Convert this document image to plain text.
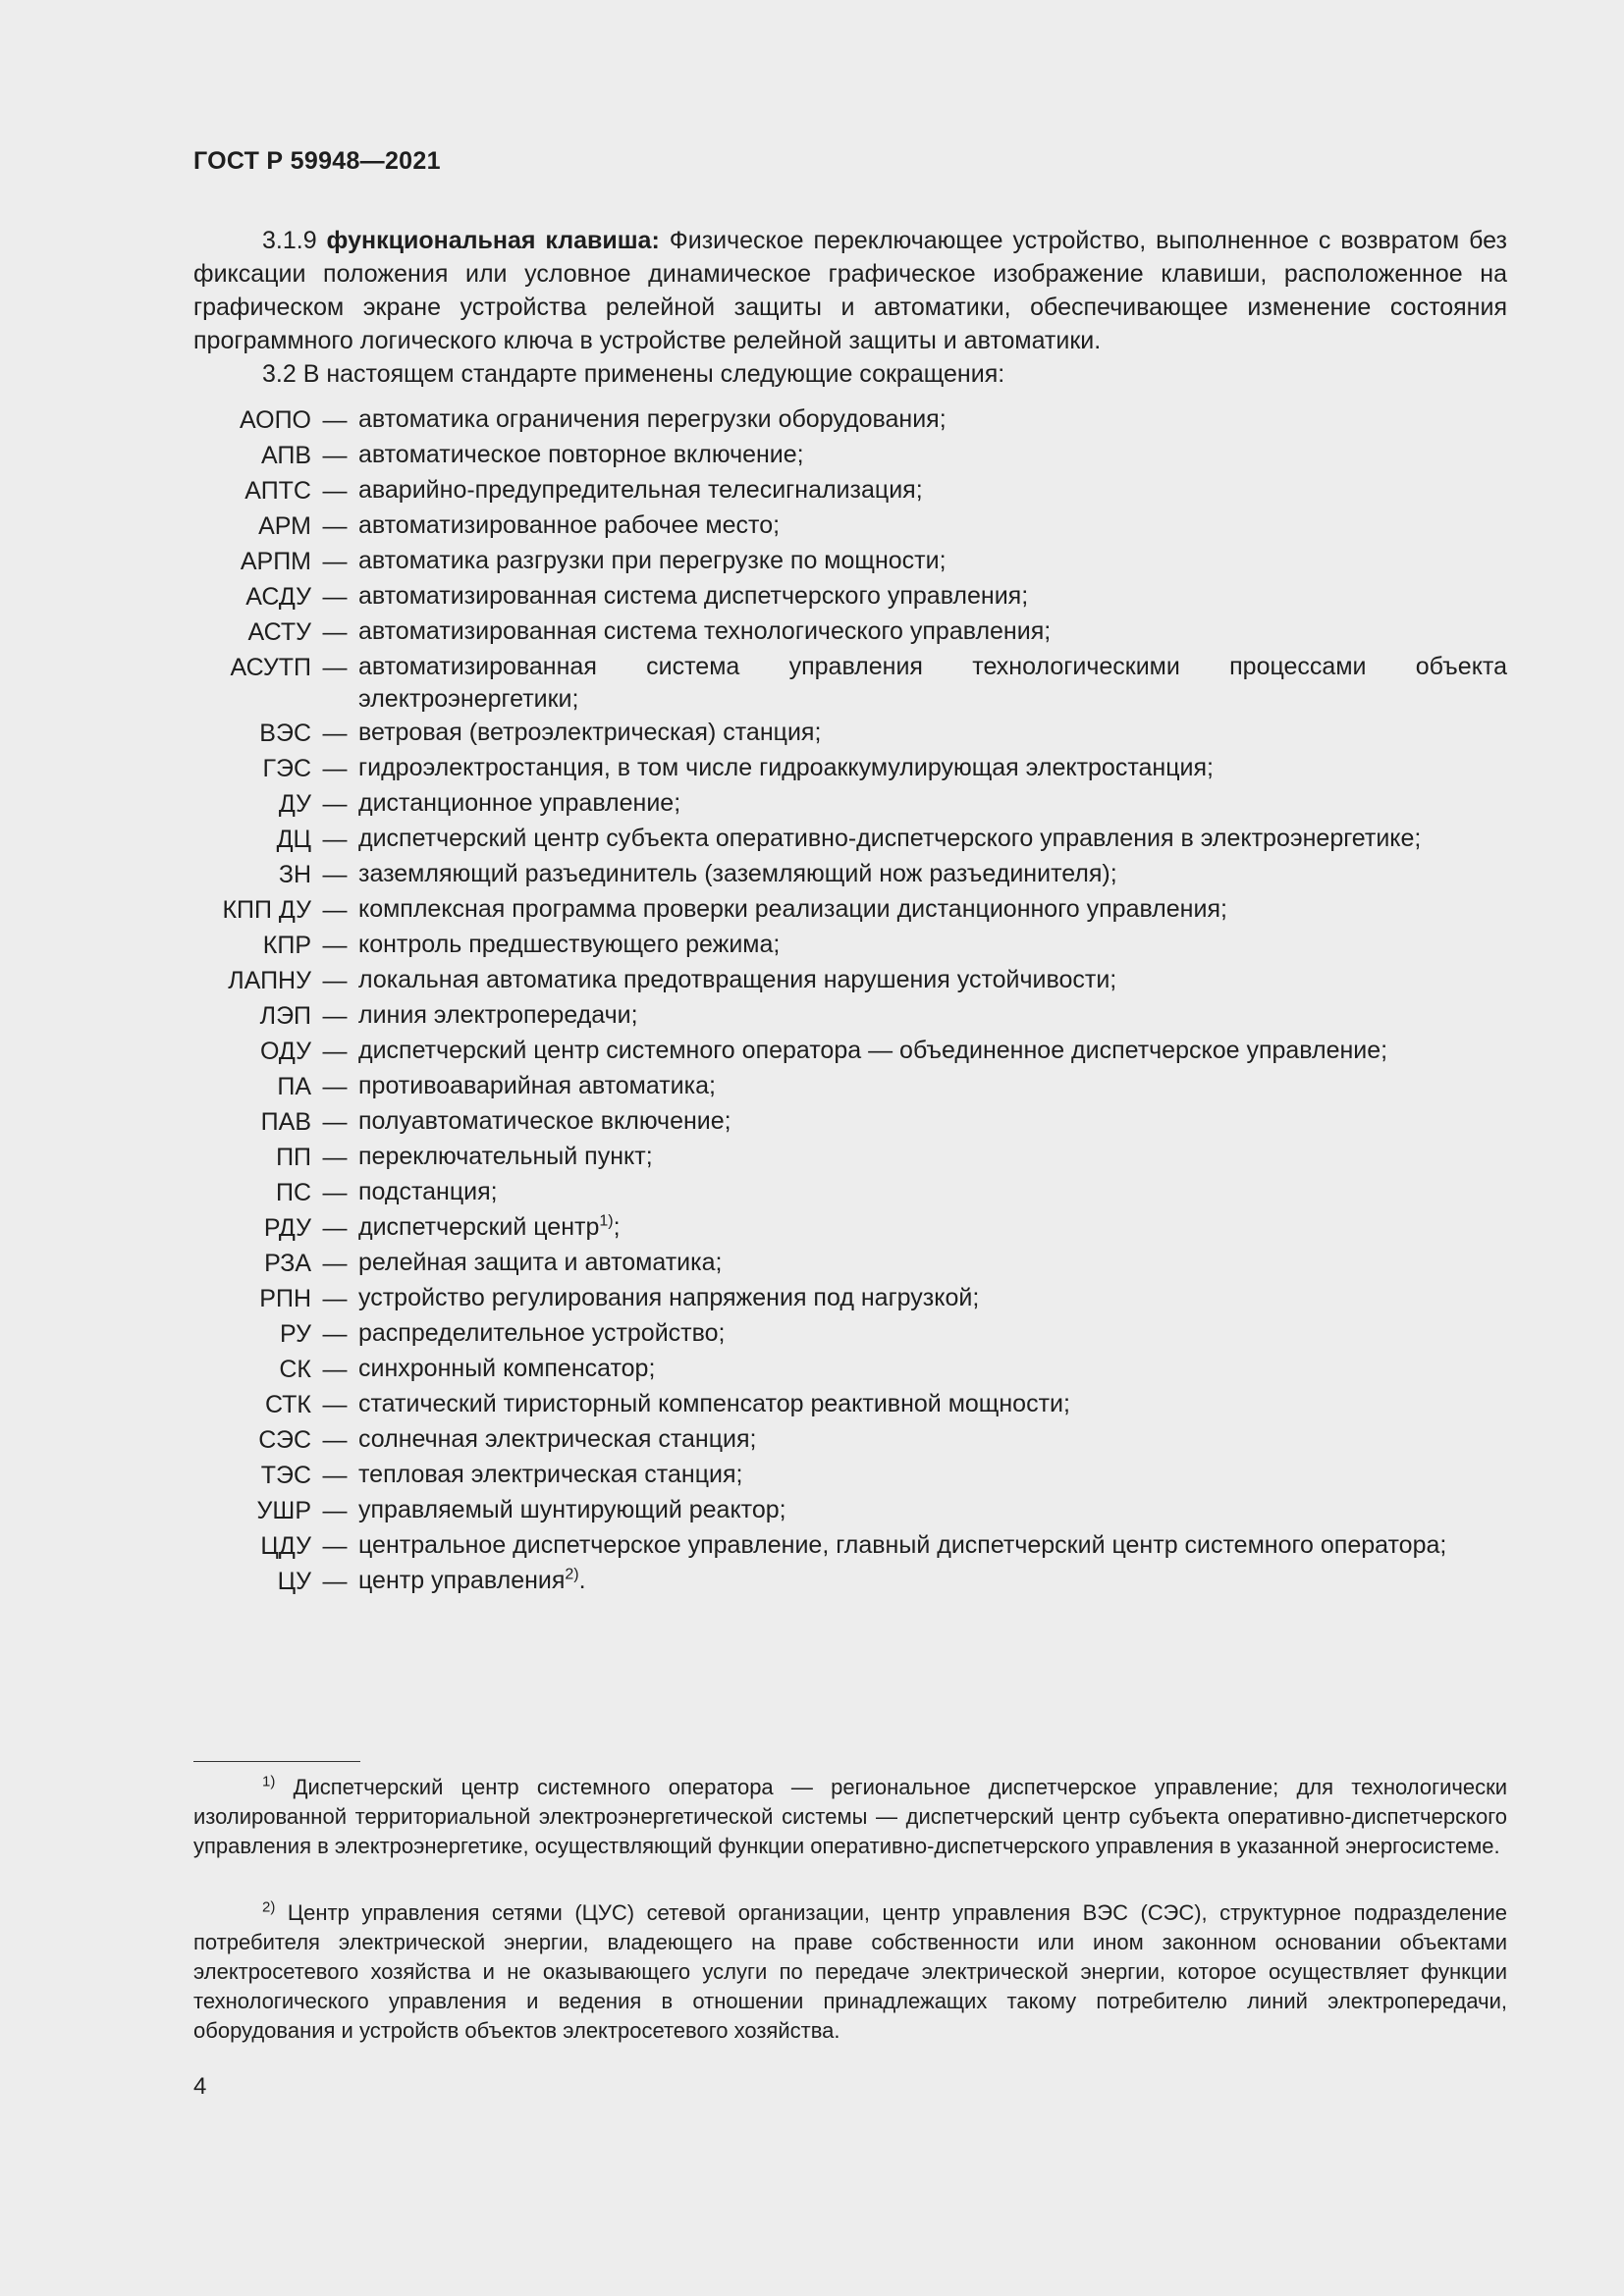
ГОСТ Р 59948—2021
3.1.9 функциональная клавиша: Физическое переключающее устройство, выполненное с возвратом без фиксации положения или условное динамическое графическое изображение клавиши, расположенное на графическом экране устройства релейной защиты и автоматики, обеспечивающее изменение состояния программного логического ключа в устройстве релейной защиты и автоматики.
3.2 В настоящем стандарте применены следующие сокращения:
АОПО — автоматика ограничения перегрузки оборудования;
АПВ — автоматическое повторное включение;
АПТС — аварийно-предупредительная телесигнализация;
АРМ — автоматизированное рабочее место;
АРПМ — автоматика разгрузки при перегрузке по мощности;
АСДУ — автоматизированная система диспетчерского управления;
АСТУ — автоматизированная система технологического управления;
АСУТП — автоматизированная система управления технологическими процессами объекта электроэнергетики;
ВЭС — ветровая (ветроэлектрическая) станция;
ГЭС — гидроэлектростанция, в том числе гидроаккумулирующая электростанция;
ДУ — дистанционное управление;
ДЦ — диспетчерский центр субъекта оперативно-диспетчерского управления в электроэнергетике;
ЗН — заземляющий разъединитель (заземляющий нож разъединителя);
КПП ДУ — комплексная программа проверки реализации дистанционного управления;
КПР — контроль предшествующего режима;
ЛАПНУ — локальная автоматика предотвращения нарушения устойчивости;
ЛЭП — линия электропередачи;
ОДУ — диспетчерский центр системного оператора — объединенное диспетчерское управление;
ПА — противоаварийная автоматика;
ПАВ — полуавтоматическое включение;
ПП — переключательный пункт;
ПС — подстанция;
РДУ — диспетчерский центр$^{1)}$;
РЗА — релейная защита и автоматика;
РПН — устройство регулирования напряжения под нагрузкой;
РУ — распределительное устройство;
СК — синхронный компенсатор;
СТК — статический тиристорный компенсатор реактивной мощности;
СЭС — солнечная электрическая станция;
ТЭС — тепловая электрическая станция;
УШР — управляемый шунтирующий реактор;
ЦДУ — центральное диспетчерское управление, главный диспетчерский центр системного оператора;
ЦУ — центр управления$^{2)}$.
$^{1)}$ Диспетчерский центр системного оператора — региональное диспетчерское управление; для технологически изолированной территориальной электроэнергетической системы — диспетчерский центр субъекта оперативно-диспетчерского управления в электроэнергетике, осуществляющий функции оперативно-диспетчерского управления в указанной энергосистеме.
$^{2)}$ Центр управления сетями (ЦУС) сетевой организации, центр управления ВЭС (СЭС), структурное подразделение потребителя электрической энергии, владеющего на праве собственности или ином законном основании объектами электросетевого хозяйства и не оказывающего услуги по передаче электрической энергии, которое осуществляет функции технологического управления и ведения в отношении принадлежащих такому потребителю линий электропередачи, оборудования и устройств объектов электросетевого хозяйства.
4
